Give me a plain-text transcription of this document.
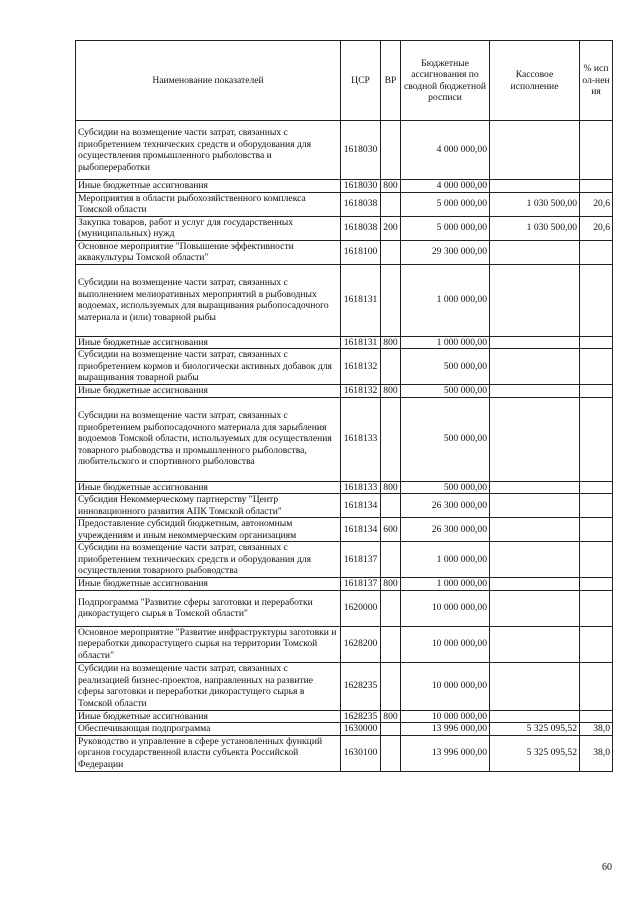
Наименование показателей	ЦСР	ВР	Бюджетные ассигнования по сводной бюджетной росписи	Кассовое исполнение	% испол-нения
Субсидии на возмещение части затрат, связанных с приобретением технических средств и оборудования для осуществления промышленного рыболовства и рыбопереработки	1618030		4 000 000,00		
Иные бюджетные ассигнования	1618030	800	4 000 000,00		
Мероприятия в области рыбохозяйственного комплекса Томской области	1618038		5 000 000,00	1 030 500,00	20,6
Закупка товаров, работ и услуг для государственных (муниципальных) нужд	1618038	200	5 000 000,00	1 030 500,00	20,6
Основное мероприятие "Повышение эффективности аквакультуры Томской области"	1618100		29 300 000,00		
Субсидии на возмещение части затрат, связанных с выполнением мелиоративных мероприятий в рыбоводных водоемах, используемых для выращивания рыбопосадочного материала и (или) товарной рыбы	1618131		1 000 000,00		
Иные бюджетные ассигнования	1618131	800	1 000 000,00		
Субсидии на возмещение части затрат, связанных с приобретением кормов и биологически активных добавок для выращивания товарной рыбы	1618132		500 000,00		
Иные бюджетные ассигнования	1618132	800	500 000,00		
Субсидии на возмещение части затрат, связанных с приобретением рыбопосадочного материала для зарыбления водоемов Томской области, используемых для осуществления товарного рыбоводства и промышленного рыболовства, любительского и спортивного рыболовства	1618133		500 000,00		
Иные бюджетные ассигнования	1618133	800	500 000,00		
Субсидия Некоммерческому партнерству "Центр инновационного развития АПК Томской области"	1618134		26 300 000,00		
Предоставление субсидий бюджетным, автономным учреждениям и иным некоммерческим организациям	1618134	600	26 300 000,00		
Субсидии на возмещение части затрат, связанных с приобретением технических средств и оборудования для осуществления товарного рыбоводства	1618137		1 000 000,00		
Иные бюджетные ассигнования	1618137	800	1 000 000,00		
Подпрограмма "Развитие сферы заготовки и переработки дикорастущего сырья в Томской области"	1620000		10 000 000,00		
Основное мероприятие "Развитие инфраструктуры заготовки и переработки дикорастущего сырья на территории Томской области"	1628200		10 000 000,00		
Субсидии на возмещение части затрат, связанных с реализацией бизнес-проектов, направленных на развитие сферы заготовки и переработки дикорастущего сырья в Томской области	1628235		10 000 000,00		
Иные бюджетные ассигнования	1628235	800	10 000 000,00		
Обеспечивающая подпрограмма	1630000		13 996 000,00	5 325 095,52	38,0
Руководство и управление в сфере установленных функций органов государственной власти субъекта Российской Федерации	1630100		13 996 000,00	5 325 095,52	38,0
60
